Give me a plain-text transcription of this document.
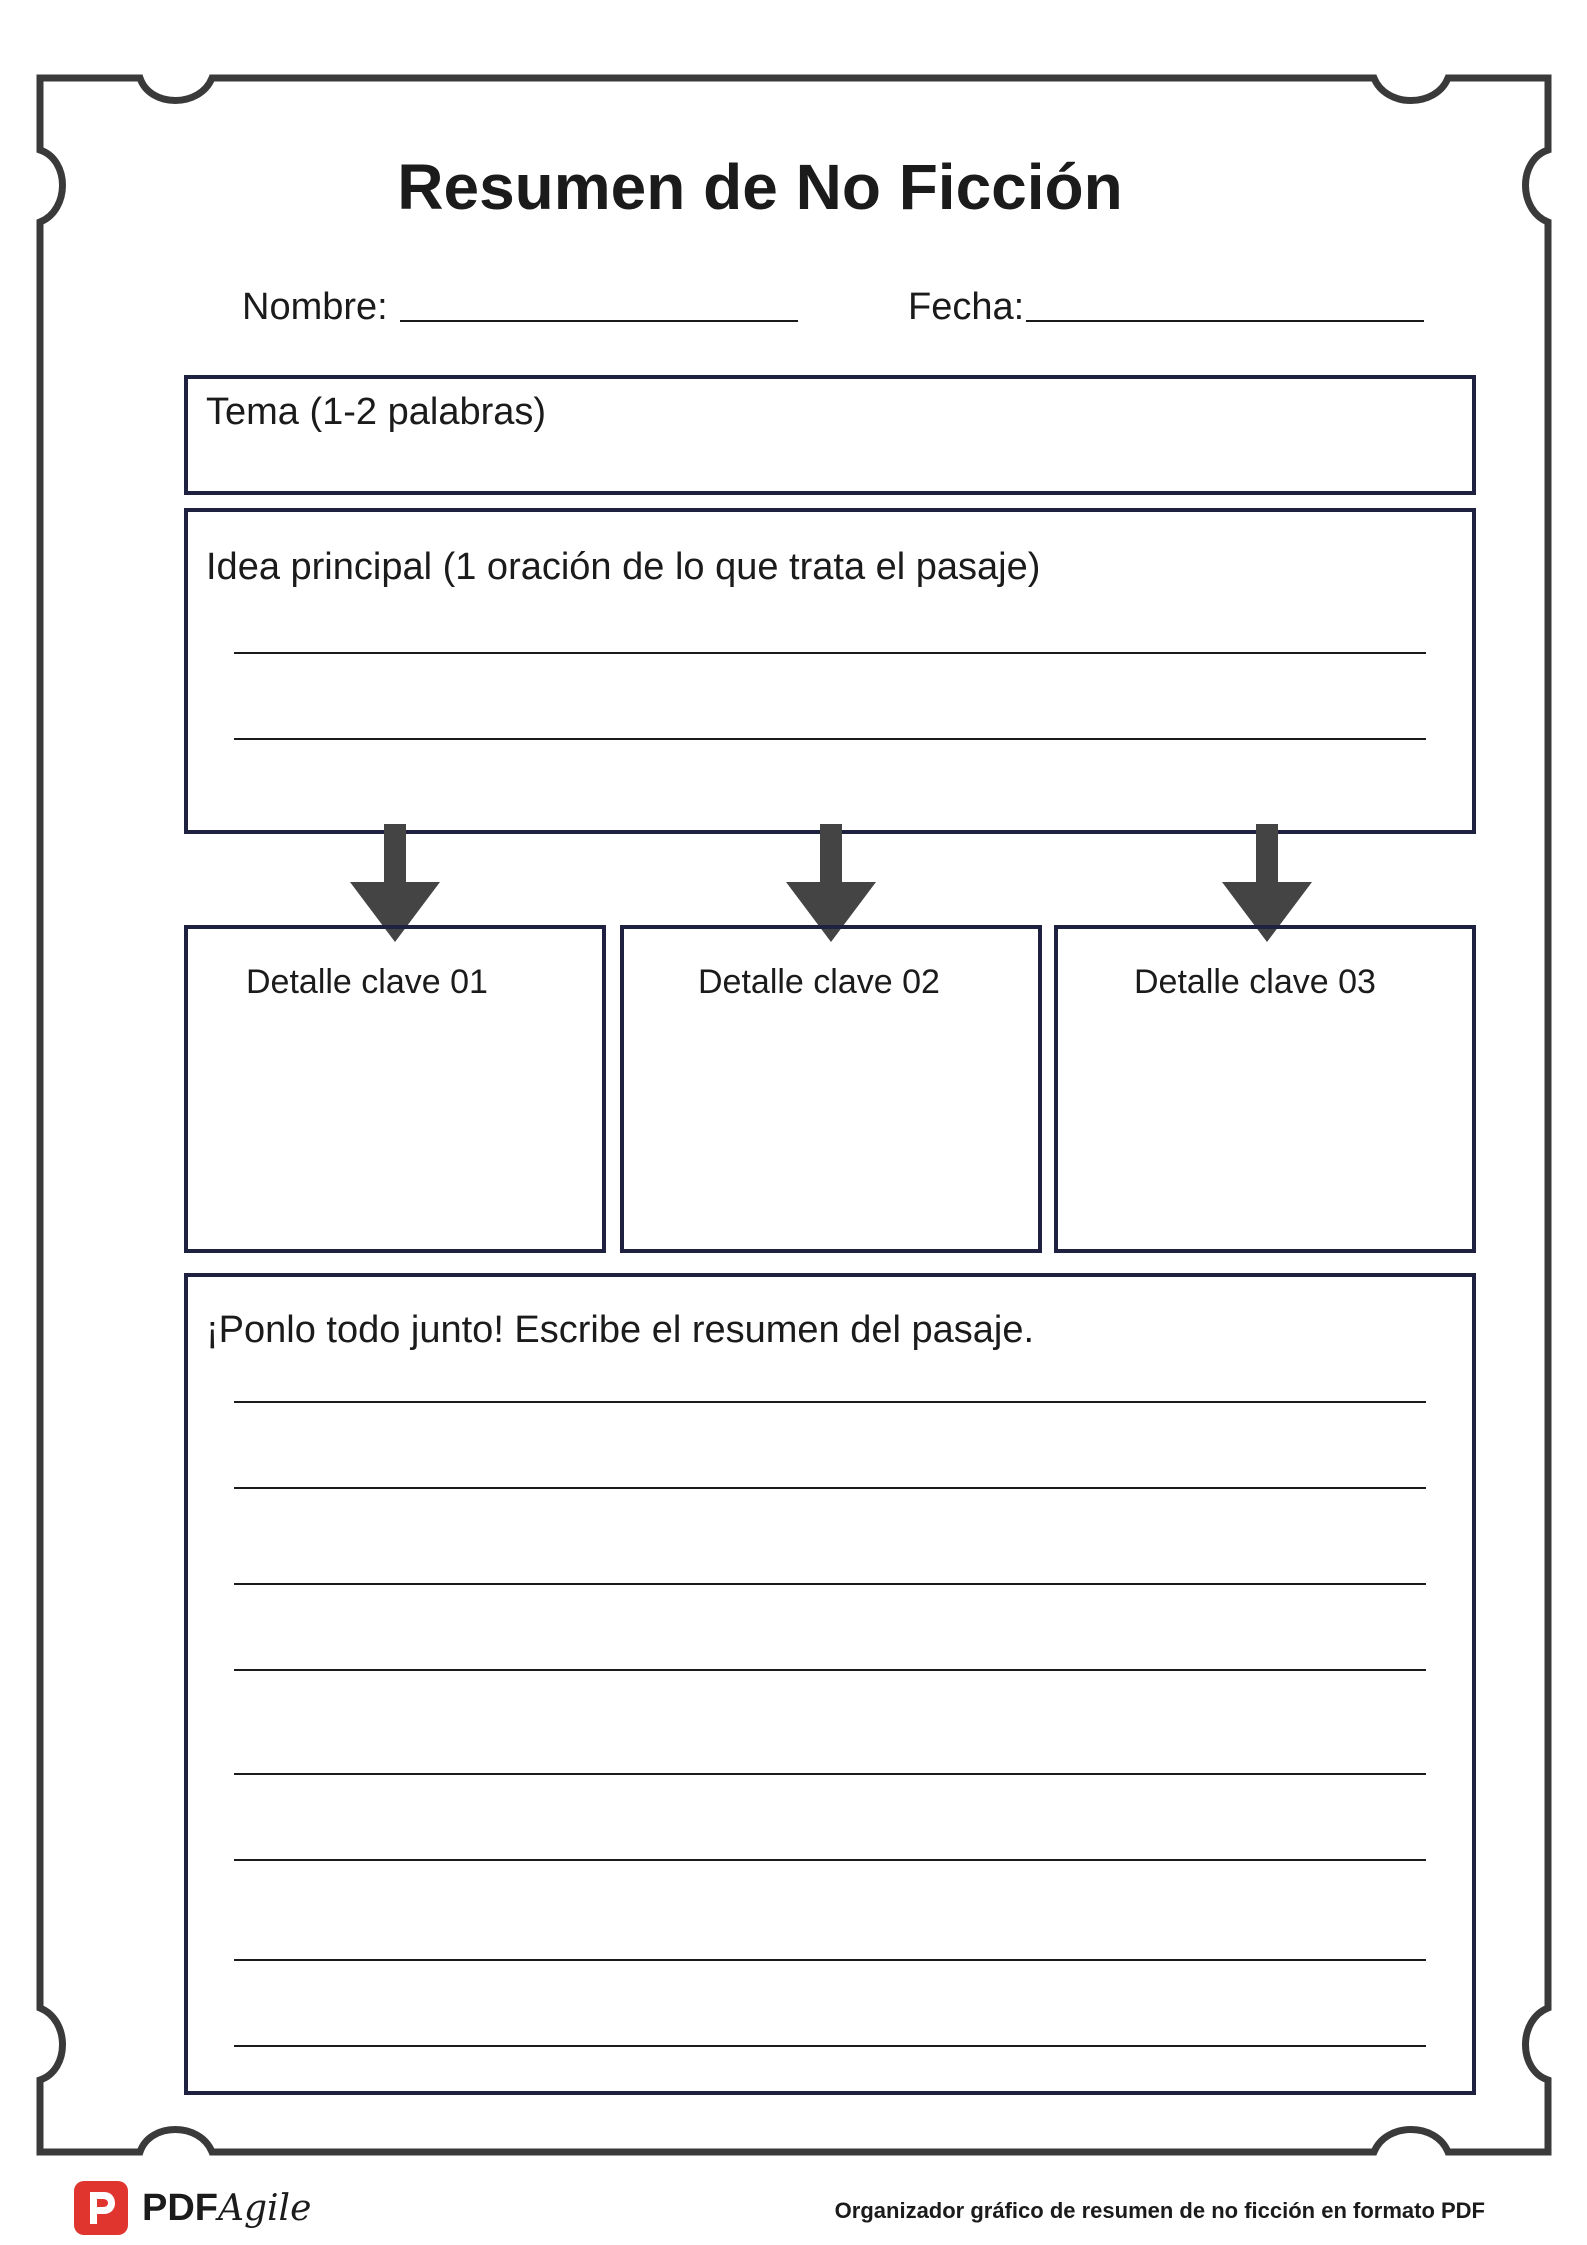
Resumen de No Ficción
Nombre:	Fecha:
Tema (1-2 palabras)
Idea principal (1 oración de lo que trata el pasaje)
Detalle clave 01	Detalle clave 02	Detalle clave 03
¡Ponlo todo junto! Escribe el resumen del pasaje.
PDFAgile	Organizador gráfico de resumen de no ficción en formato PDF
